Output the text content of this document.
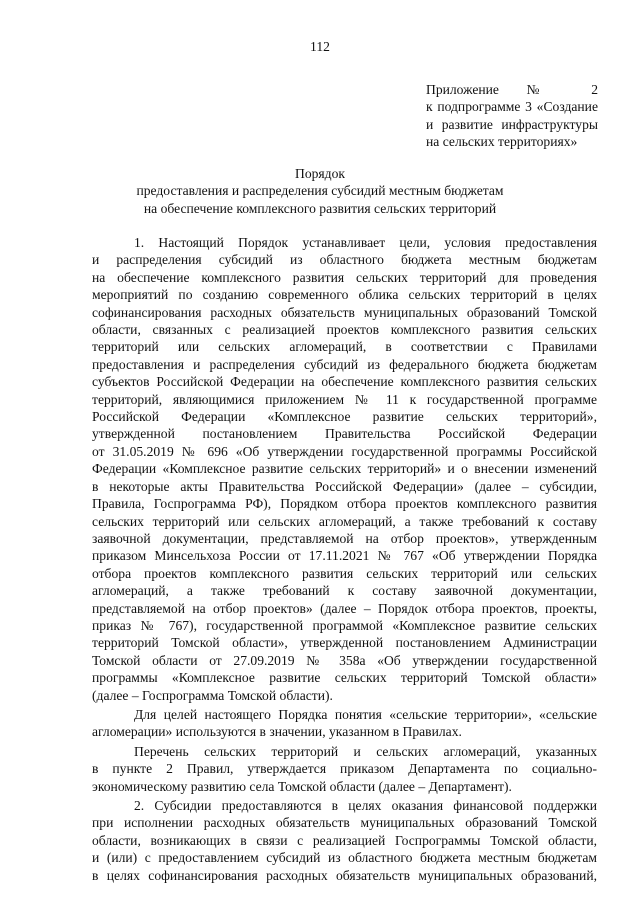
112
Приложение № 2
к подпрограмме 3 «Создание
и развитие инфраструктуры
на сельских территориях»
Порядок
предоставления и распределения субсидий местным бюджетам
на обеспечение комплексного развития сельских территорий
1. Настоящий Порядок устанавливает цели, условия предоставления
и распределения субсидий из областного бюджета местным бюджетам
на обеспечение комплексного развития сельских территорий для проведения
мероприятий по созданию современного облика сельских территорий в целях
софинансирования расходных обязательств муниципальных образований Томской
области, связанных с реализацией проектов комплексного развития сельских
территорий или сельских агломераций, в соответствии с Правилами
предоставления и распределения субсидий из федерального бюджета бюджетам
субъектов Российской Федерации на обеспечение комплексного развития сельских
территорий, являющимися приложением № 11 к государственной программе
Российской Федерации «Комплексное развитие сельских территорий»,
утвержденной постановлением Правительства Российской Федерации
от 31.05.2019 № 696 «Об утверждении государственной программы Российской
Федерации «Комплексное развитие сельских территорий» и о внесении изменений
в некоторые акты Правительства Российской Федерации» (далее – субсидии,
Правила, Госпрограмма РФ), Порядком отбора проектов комплексного развития
сельских территорий или сельских агломераций, а также требований к составу
заявочной документации, представляемой на отбор проектов», утвержденным
приказом Минсельхоза России от 17.11.2021 № 767 «Об утверждении Порядка
отбора проектов комплексного развития сельских территорий или сельских
агломераций, а также требований к составу заявочной документации,
представляемой на отбор проектов» (далее – Порядок отбора проектов, проекты,
приказ № 767), государственной программой «Комплексное развитие сельских
территорий Томской области», утвержденной постановлением Администрации
Томской области от 27.09.2019 № 358а «Об утверждении государственной
программы «Комплексное развитие сельских территорий Томской области»
(далее – Госпрограмма Томской области).
Для целей настоящего Порядка понятия «сельские территории», «сельские
агломерации» используются в значении, указанном в Правилах.
Перечень сельских территорий и сельских агломераций, указанных
в пункте 2 Правил, утверждается приказом Департамента по социально-
экономическому развитию села Томской области (далее – Департамент).
2. Субсидии предоставляются в целях оказания финансовой поддержки
при исполнении расходных обязательств муниципальных образований Томской
области, возникающих в связи с реализацией Госпрограммы Томской области,
и (или) с предоставлением субсидий из областного бюджета местным бюджетам
в целях софинансирования расходных обязательств муниципальных образований,
